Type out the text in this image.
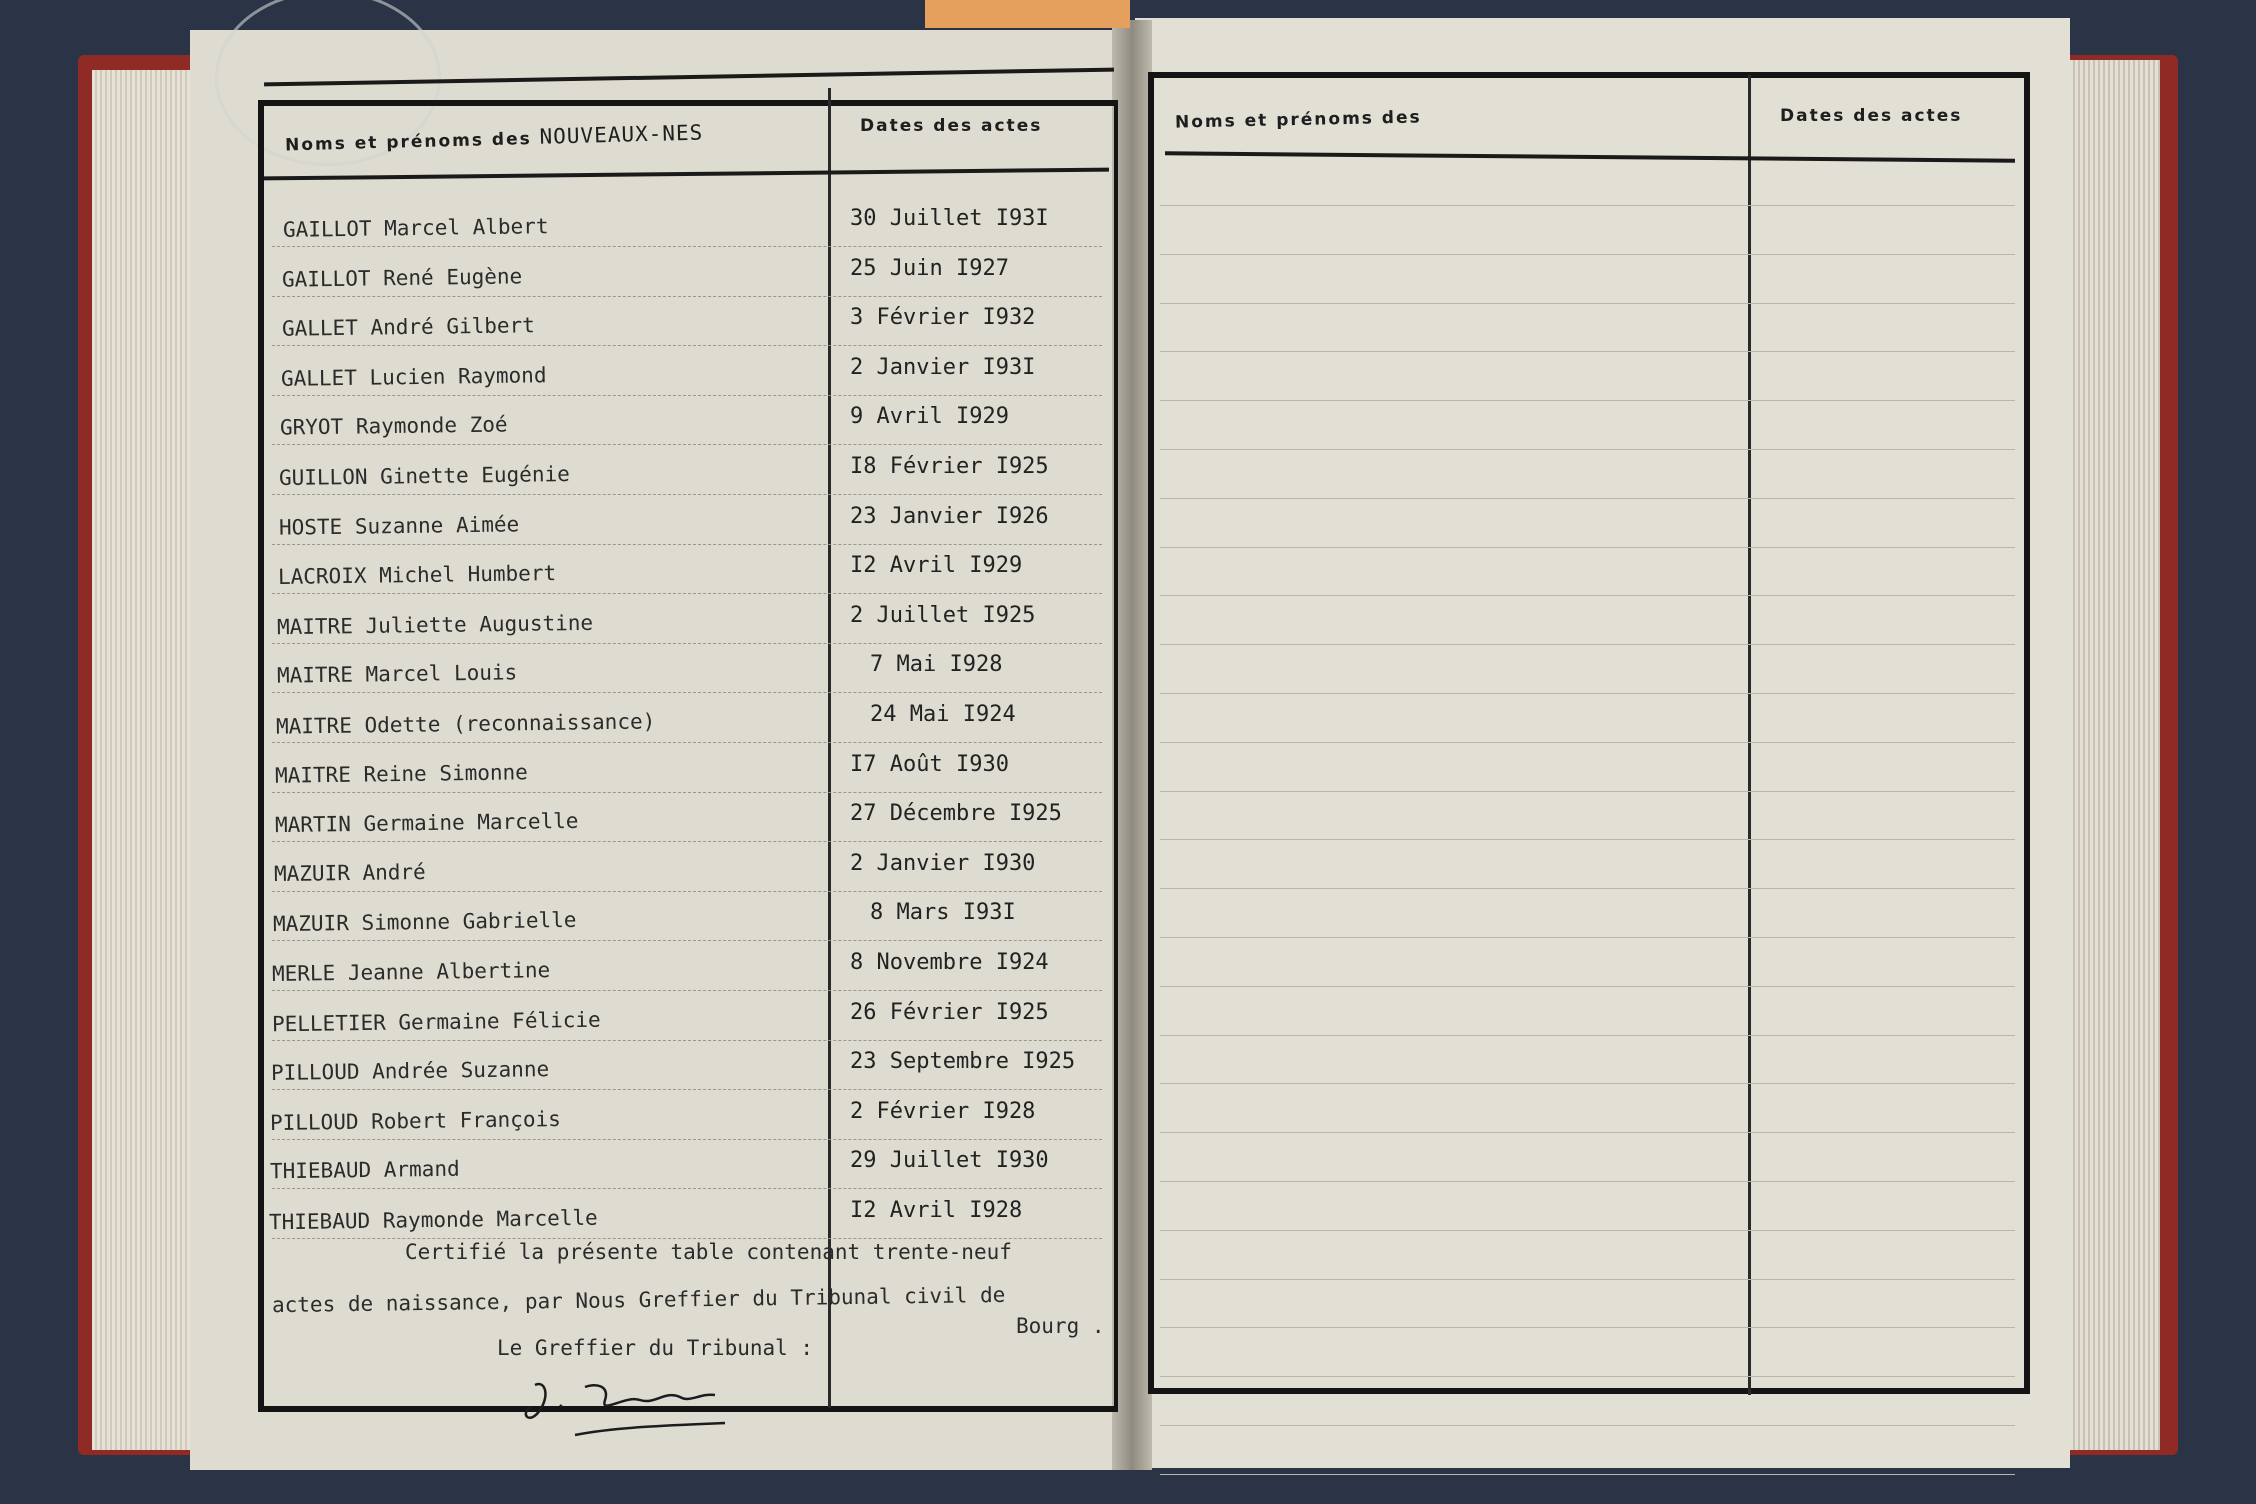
Noms et prénoms des NOUVEAUX-NES	Dates des actes
GAILLOT Marcel Albert	30 Juillet I93I
GAILLOT René Eugène	25 Juin I927
GALLET André Gilbert	3 Février I932
GALLET Lucien Raymond	2 Janvier I93I
GRYOT Raymonde Zoé	9 Avril I929
GUILLON Ginette Eugénie	I8 Février I925
HOSTE Suzanne Aimée	23 Janvier I926
LACROIX Michel Humbert	I2 Avril I929
MAITRE Juliette Augustine	2 Juillet I925
MAITRE Marcel Louis	7 Mai I928
MAITRE Odette (reconnaissance)	24 Mai I924
MAITRE Reine Simonne	I7 Août I930
MARTIN Germaine Marcelle	27 Décembre I925
MAZUIR André	2 Janvier I930
MAZUIR Simonne Gabrielle	8 Mars I93I
MERLE Jeanne Albertine	8 Novembre I924
PELLETIER Germaine Félicie	26 Février I925
PILLOUD Andrée Suzanne	23 Septembre I925
PILLOUD Robert François	2 Février I928
THIEBAUD Armand	29 Juillet I930
THIEBAUD Raymonde Marcelle	I2 Avril I928
Certifié la présente table contenant trente-neuf
actes de naissance, par Nous Greffier du Tribunal civil de
Bourg .
Le Greffier du Tribunal :
Noms et prénoms des	Dates des actes
